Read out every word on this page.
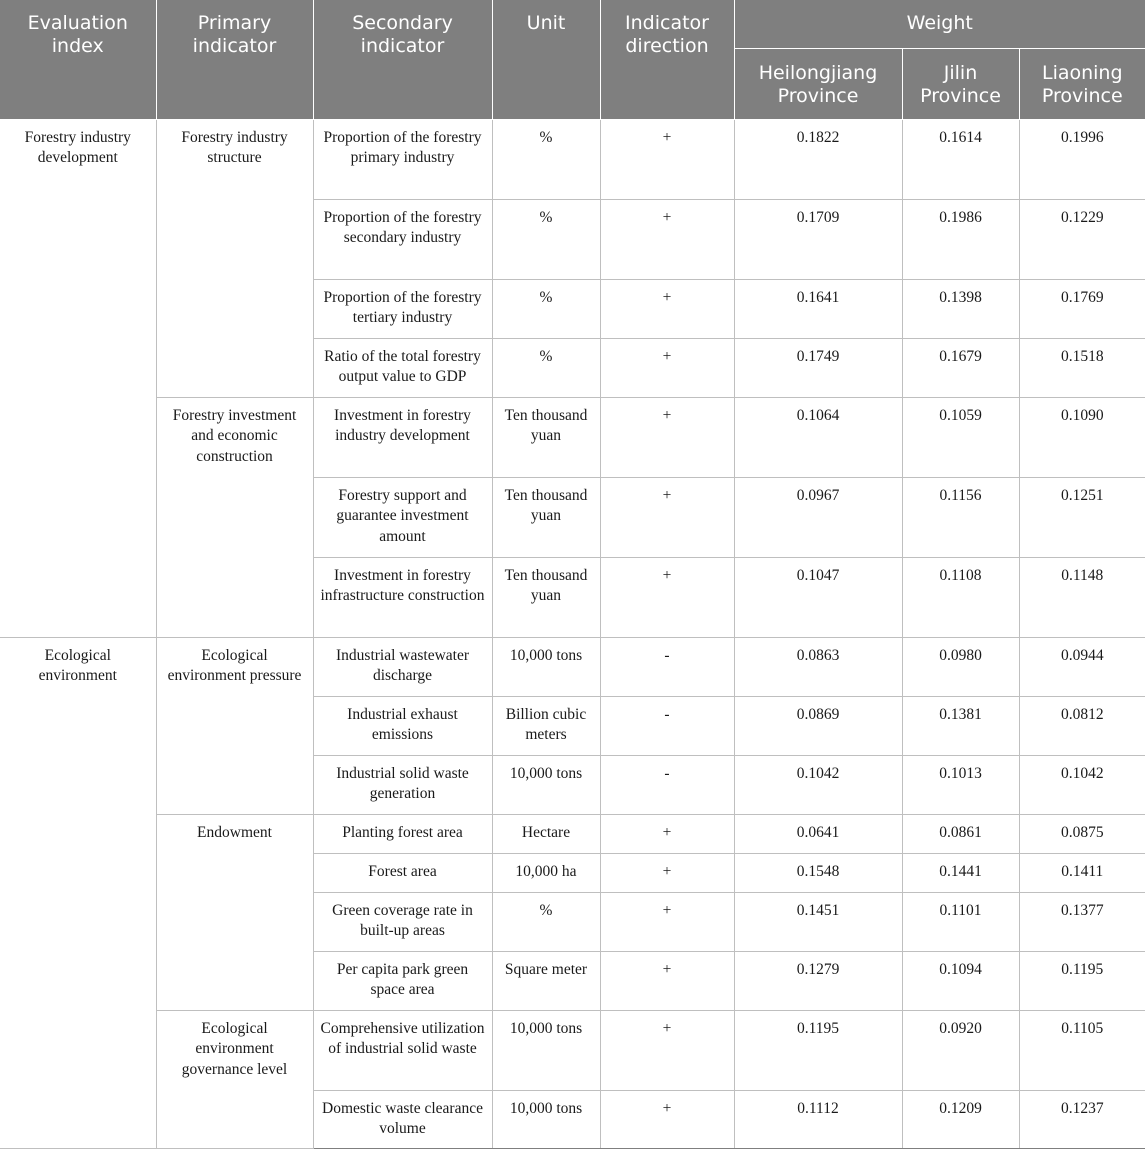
Evaluation index	Primary indicator	Secondary indicator	Unit	Indicator direction	Weight		
					Heilongjiang Province	Jilin Province	Liaoning Province
Forestry industry development	Forestry industry structure	Proportion of the forestry primary industry	%	+	0.1822	0.1614	0.1996
		Proportion of the forestry secondary industry	%	+	0.1709	0.1986	0.1229
		Proportion of the forestry tertiary industry	%	+	0.1641	0.1398	0.1769
		Ratio of the total forestry output value to GDP	%	+	0.1749	0.1679	0.1518
	Forestry investment and economic construction	Investment in forestry industry development	Ten thousand yuan	+	0.1064	0.1059	0.1090
		Forestry support and guarantee investment amount	Ten thousand yuan	+	0.0967	0.1156	0.1251
		Investment in forestry infrastructure construction	Ten thousand yuan	+	0.1047	0.1108	0.1148
Ecological environment	Ecological environment pressure	Industrial wastewater discharge	10,000 tons	-	0.0863	0.0980	0.0944
		Industrial exhaust emissions	Billion cubic meters	-	0.0869	0.1381	0.0812
		Industrial solid waste generation	10,000 tons	-	0.1042	0.1013	0.1042
	Endowment	Planting forest area	Hectare	+	0.0641	0.0861	0.0875
		Forest area	10,000 ha	+	0.1548	0.1441	0.1411
		Green coverage rate in built-up areas	%	+	0.1451	0.1101	0.1377
		Per capita park green space area	Square meter	+	0.1279	0.1094	0.1195
	Ecological environment governance level	Comprehensive utilization of industrial solid waste	10,000 tons	+	0.1195	0.0920	0.1105
		Domestic waste clearance volume	10,000 tons	+	0.1112	0.1209	0.1237
